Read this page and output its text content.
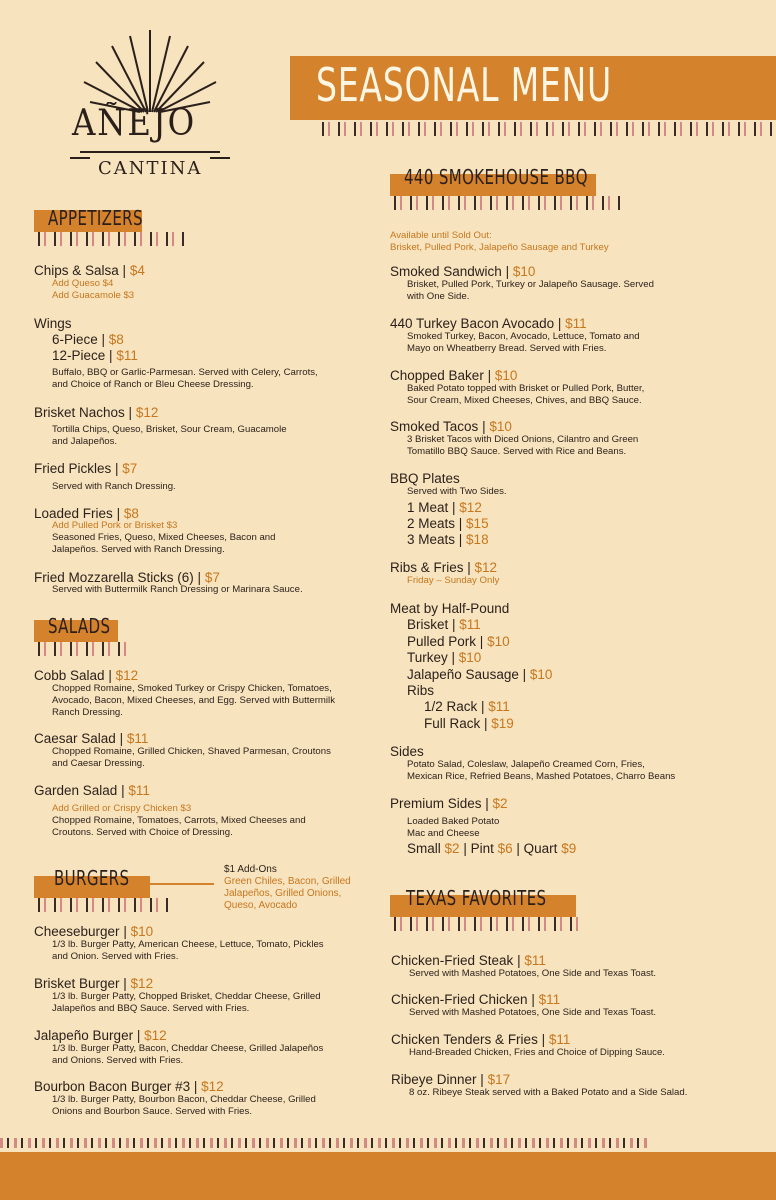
AÑEJO
CANTINA
SEASONAL MENU
APPETIZERS
Chips & Salsa | $4
Add Queso $4
Add Guacamole $3
Wings
6-Piece | $8
12-Piece | $11
Buffalo, BBQ or Garlic-Parmesan. Served with Celery, Carrots,
and Choice of Ranch or Bleu Cheese Dressing.
Brisket Nachos | $12
Tortilla Chips, Queso, Brisket, Sour Cream, Guacamole
and Jalapeños.
Fried Pickles | $7
Served with Ranch Dressing.
Loaded Fries | $8
Add Pulled Pork or Brisket $3
Seasoned Fries, Queso, Mixed Cheeses, Bacon and
Jalapeños. Served with Ranch Dressing.
Fried Mozzarella Sticks (6) | $7
Served with Buttermilk Ranch Dressing or Marinara Sauce.
SALADS
Cobb Salad | $12
Chopped Romaine, Smoked Turkey or Crispy Chicken, Tomatoes,
Avocado, Bacon, Mixed Cheeses, and Egg. Served with Buttermilk
Ranch Dressing.
Caesar Salad | $11
Chopped Romaine, Grilled Chicken, Shaved Parmesan, Croutons
and Caesar Dressing.
Garden Salad | $11
Add Grilled or Crispy Chicken $3
Chopped Romaine, Tomatoes, Carrots, Mixed Cheeses and
Croutons. Served with Choice of Dressing.
BURGERS	$1 Add-Ons
Green Chiles, Bacon, Grilled
Jalapeños, Grilled Onions,
Queso, Avocado
Cheeseburger | $10
1/3 lb. Burger Patty, American Cheese, Lettuce, Tomato, Pickles
and Onion. Served with Fries.
Brisket Burger | $12
1/3 lb. Burger Patty, Chopped Brisket, Cheddar Cheese, Grilled
Jalapeños and BBQ Sauce. Served with Fries.
Jalapeño Burger | $12
1/3 lb. Burger Patty, Bacon, Cheddar Cheese, Grilled Jalapeños
and Onions. Served with Fries.
Bourbon Bacon Burger #3 | $12
1/3 lb. Burger Patty, Bourbon Bacon, Cheddar Cheese, Grilled
Onions and Bourbon Sauce. Served with Fries.
440 SMOKEHOUSE BBQ
Available until Sold Out:
Brisket, Pulled Pork, Jalapeño Sausage and Turkey
Smoked Sandwich | $10
Brisket, Pulled Pork, Turkey or Jalapeño Sausage. Served
with One Side.
440 Turkey Bacon Avocado | $11
Smoked Turkey, Bacon, Avocado, Lettuce, Tomato and
Mayo on Wheatberry Bread. Served with Fries.
Chopped Baker | $10
Baked Potato topped with Brisket or Pulled Pork, Butter,
Sour Cream, Mixed Cheeses, Chives, and BBQ Sauce.
Smoked Tacos | $10
3 Brisket Tacos with Diced Onions, Cilantro and Green
Tomatillo BBQ Sauce. Served with Rice and Beans.
BBQ Plates
Served with Two Sides.
1 Meat | $12
2 Meats | $15
3 Meats | $18
Ribs & Fries | $12
Friday – Sunday Only
Meat by Half-Pound
Brisket | $11
Pulled Pork | $10
Turkey | $10
Jalapeño Sausage | $10
Ribs
1/2 Rack | $11
Full Rack | $19
Sides
Potato Salad, Coleslaw, Jalapeño Creamed Corn, Fries,
Mexican Rice, Refried Beans, Mashed Potatoes, Charro Beans
Premium Sides | $2
Loaded Baked Potato
Mac and Cheese
Small $2 | Pint $6 | Quart $9
TEXAS FAVORITES
Chicken-Fried Steak | $11
Served with Mashed Potatoes, One Side and Texas Toast.
Chicken-Fried Chicken | $11
Served with Mashed Potatoes, One Side and Texas Toast.
Chicken Tenders & Fries | $11
Hand-Breaded Chicken, Fries and Choice of Dipping Sauce.
Ribeye Dinner | $17
8 oz. Ribeye Steak served with a Baked Potato and a Side Salad.
